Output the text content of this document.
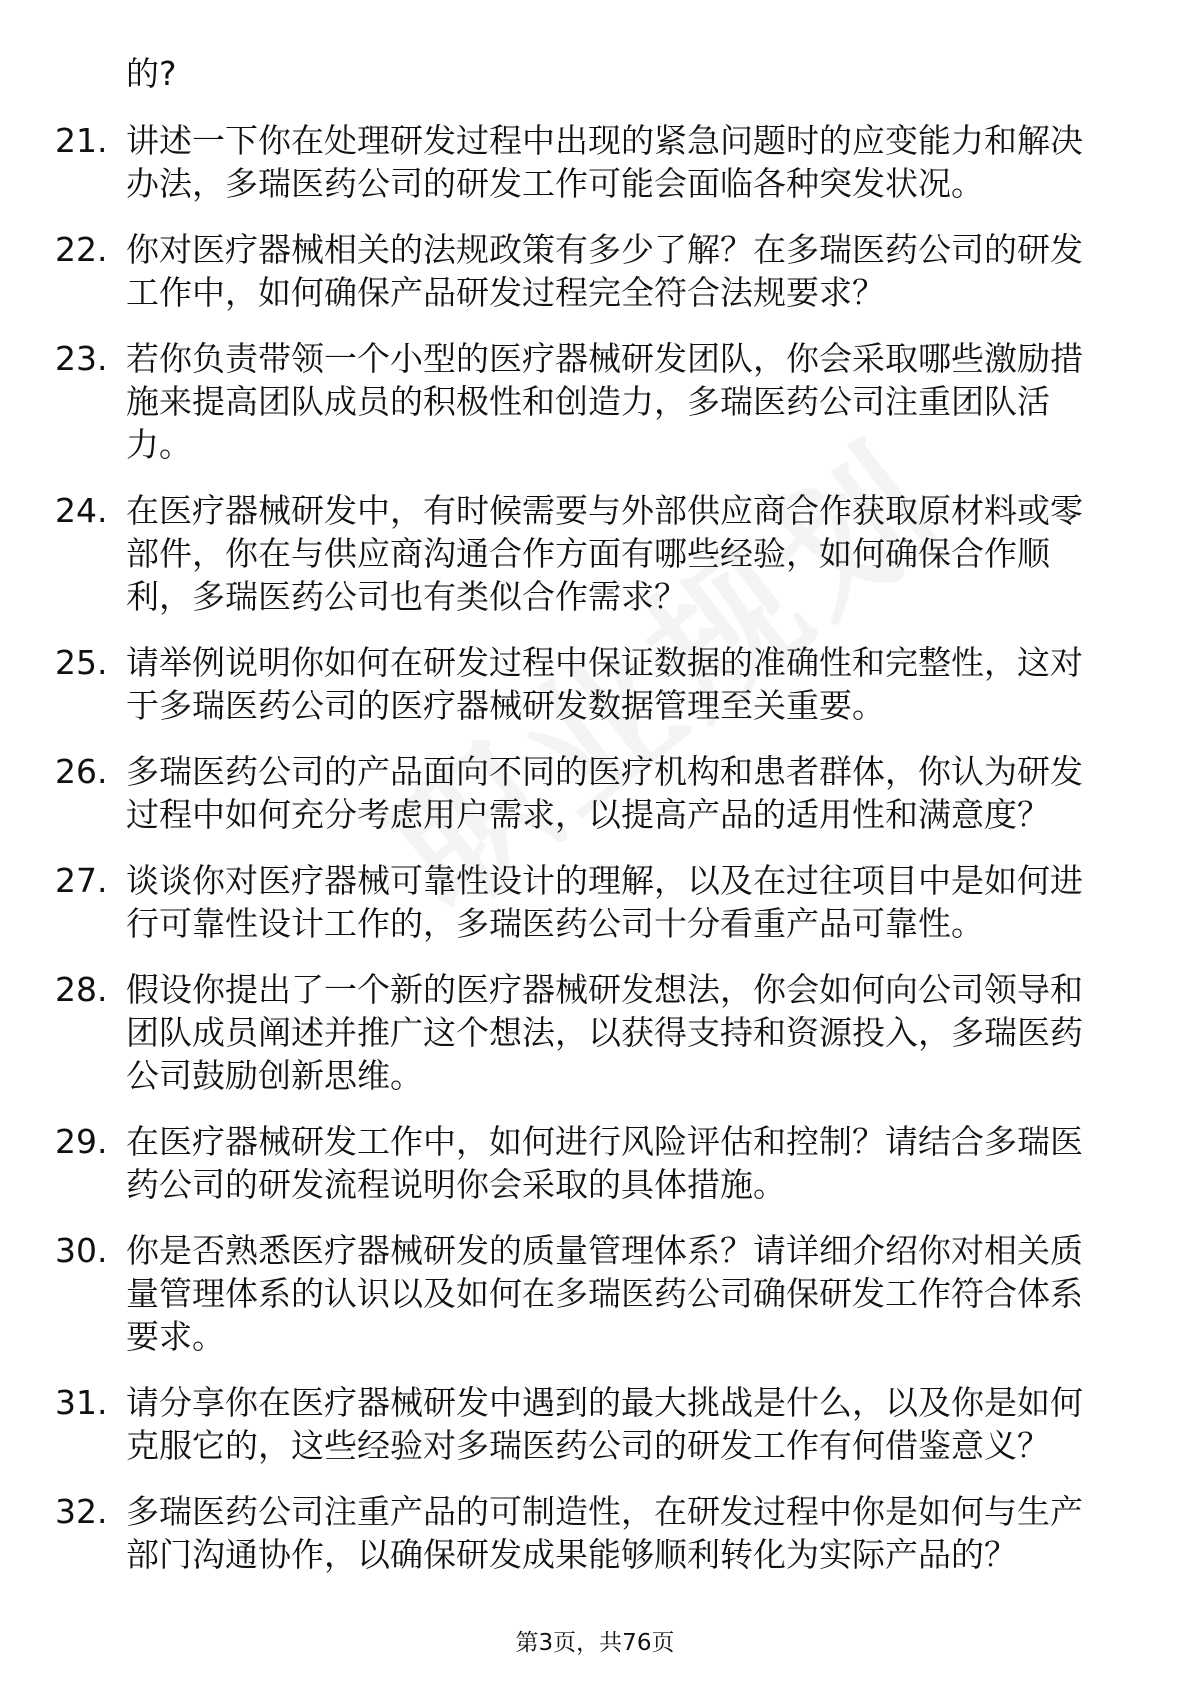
的?
21. 讲述一下你在处理研发过程中出现的紧急问题时的应变能力和解决办法，多瑞医药公司的研发工作可能会面临各种突发状况。
22. 你对医疗器械相关的法规政策有多少了解？在多瑞医药公司的研发工作中，如何确保产品研发过程完全符合法规要求？
23. 若你负责带领一个小型的医疗器械研发团队，你会采取哪些激励措施来提高团队成员的积极性和创造力，多瑞医药公司注重团队活力。
24. 在医疗器械研发中，有时候需要与外部供应商合作获取原材料或零部件，你在与供应商沟通合作方面有哪些经验，如何确保合作顺利，多瑞医药公司也有类似合作需求？
25. 请举例说明你如何在研发过程中保证数据的准确性和完整性，这对于多瑞医药公司的医疗器械研发数据管理至关重要。
26. 多瑞医药公司的产品面向不同的医疗机构和患者群体，你认为研发过程中如何充分考虑用户需求，以提高产品的适用性和满意度？
27. 谈谈你对医疗器械可靠性设计的理解，以及在过往项目中是如何进行可靠性设计工作的，多瑞医药公司十分看重产品可靠性。
28. 假设你提出了一个新的医疗器械研发想法，你会如何向公司领导和团队成员阐述并推广这个想法，以获得支持和资源投入，多瑞医药公司鼓励创新思维。
29. 在医疗器械研发工作中，如何进行风险评估和控制？请结合多瑞医药公司的研发流程说明你会采取的具体措施。
30. 你是否熟悉医疗器械研发的质量管理体系？请详细介绍你对相关质量管理体系的认识以及如何在多瑞医药公司确保研发工作符合体系要求。
31. 请分享你在医疗器械研发中遇到的最大挑战是什么，以及你是如何克服它的，这些经验对多瑞医药公司的研发工作有何借鉴意义？
32. 多瑞医药公司注重产品的可制造性，在研发过程中你是如何与生产部门沟通协作，以确保研发成果能够顺利转化为实际产品的？
第3页，共76页
